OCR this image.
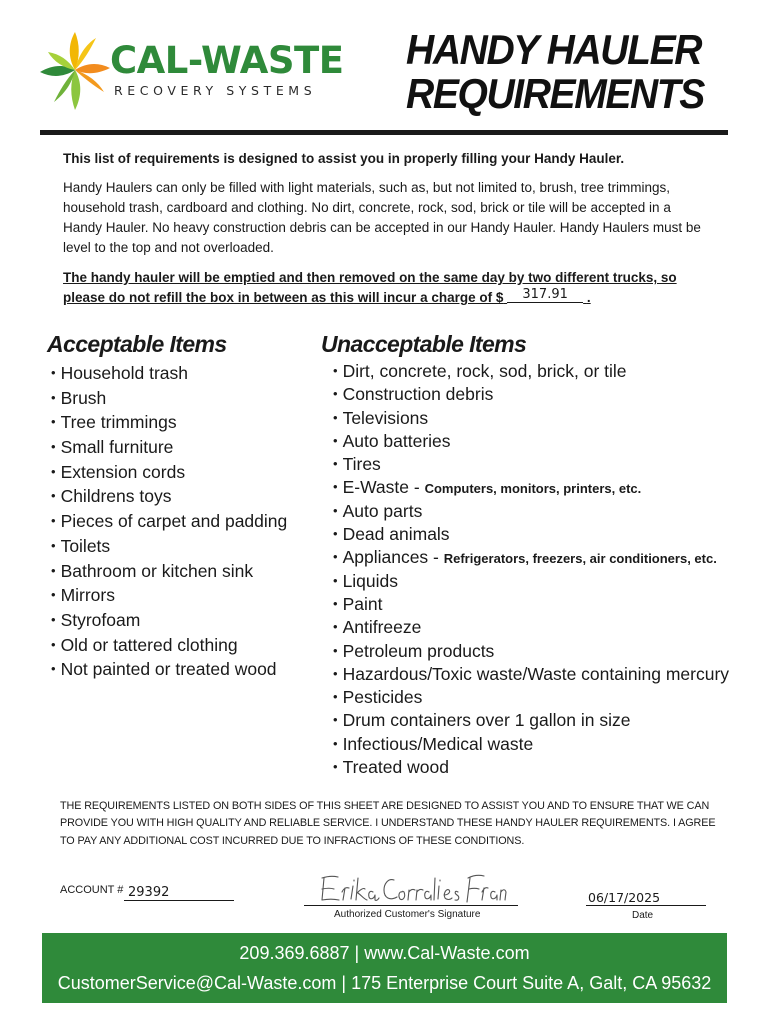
CAL-WASTE
RECOVERY SYSTEMS
HANDY HAULER
REQUIREMENTS

This list of requirements is designed to assist you in properly filling your Handy Hauler.

Handy Haulers can only be filled with light materials, such as, but not limited to, brush, tree trimmings, household trash, cardboard and clothing. No dirt, concrete, rock, sod, brick or tile will be accepted in a Handy Hauler. No heavy construction debris can be accepted in our Handy Hauler. Handy Haulers must be level to the top and not overloaded.

The handy hauler will be emptied and then removed on the same day by two different trucks, so please do not refill the box in between as this will incur a charge of $ 317.91 .

Acceptable Items
• Household trash
• Brush
• Tree trimmings
• Small furniture
• Extension cords
• Childrens toys
• Pieces of carpet and padding
• Toilets
• Bathroom or kitchen sink
• Mirrors
• Styrofoam
• Old or tattered clothing
• Not painted or treated wood
Unacceptable Items
• Dirt, concrete, rock, sod, brick, or tile
• Construction debris
• Televisions
• Auto batteries
• Tires
• E-Waste - Computers, monitors, printers, etc.
• Auto parts
• Dead animals
• Appliances - Refrigerators, freezers, air conditioners, etc.
• Liquids
• Paint
• Antifreeze
• Petroleum products
• Hazardous/Toxic waste/Waste containing mercury
• Pesticides
• Drum containers over 1 gallon in size
• Infectious/Medical waste
• Treated wood

THE REQUIREMENTS LISTED ON BOTH SIDES OF THIS SHEET ARE DESIGNED TO ASSIST YOU AND TO ENSURE THAT WE CAN PROVIDE YOU WITH HIGH QUALITY AND RELIABLE SERVICE. I UNDERSTAND THESE HANDY HAULER REQUIREMENTS. I AGREE TO PAY ANY ADDITIONAL COST INCURRED DUE TO INFRACTIONS OF THESE CONDITIONS.

ACCOUNT # 29392
Authorized Customer's Signature
06/17/2025
Date
209.369.6887 | www.Cal-Waste.com
CustomerService@Cal-Waste.com | 175 Enterprise Court Suite A, Galt, CA 95632
